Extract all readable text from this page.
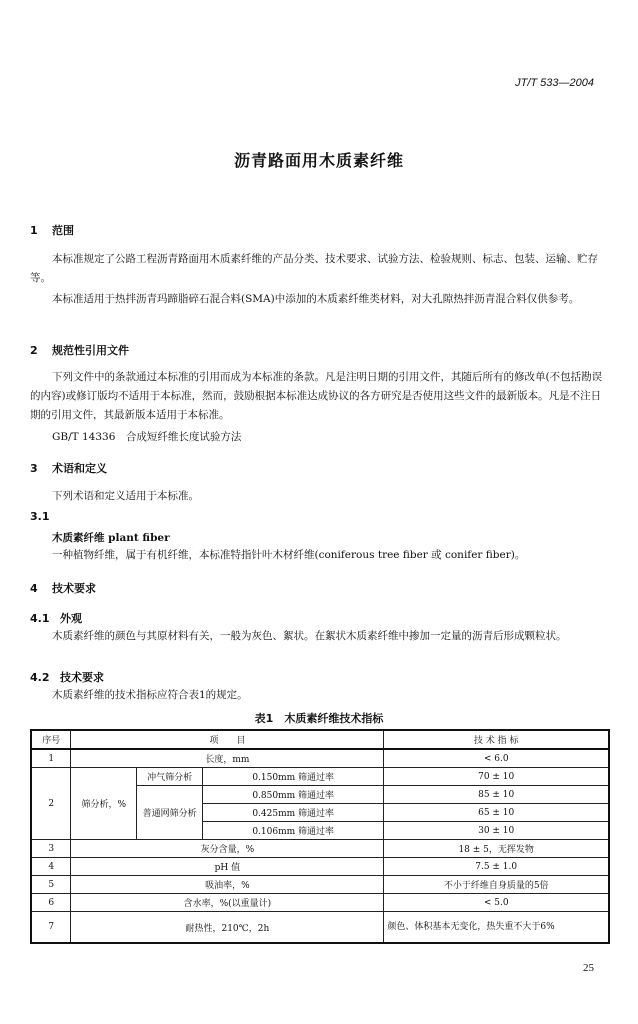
JT/T 533—2004
沥青路面用木质素纤维
1 范围
本标准规定了公路工程沥青路面用木质素纤维的产品分类、技术要求、试验方法、检验规则、标志、包装、运输、贮存等。
本标准适用于热拌沥青玛蹄脂碎石混合料(SMA)中添加的木质素纤维类材料，对大孔隙热拌沥青混合料仅供参考。
2 规范性引用文件
下列文件中的条款通过本标准的引用而成为本标准的条款。凡是注明日期的引用文件，其随后所有的修改单(不包括勘误的内容)或修订版均不适用于本标准，然而，鼓励根据本标准达成协议的各方研究是否使用这些文件的最新版本。凡是不注日期的引用文件，其最新版本适用于本标准。
GB/T 14336　合成短纤维长度试验方法
3 术语和定义
下列术语和定义适用于本标准。
3.1
木质素纤维 plant fiber
一种植物纤维，属于有机纤维，本标准特指针叶木材纤维(coniferous tree fiber 或 conifer fiber)。
4 技术要求
4.1 外观
木质素纤维的颜色与其原材料有关，一般为灰色、絮状。在絮状木质素纤维中掺加一定量的沥青后形成颗粒状。
4.2 技术要求
木质素纤维的技术指标应符合表1的规定。
表1　木质素纤维技术指标
序号	项　　目			技 术 指 标
1	长度，mm			< 6.0
2	筛分析，%	冲气筛分析	0.150mm 筛通过率	70 ± 10
		普通网筛分析	0.850mm 筛通过率	85 ± 10
			0.425mm 筛通过率	65 ± 10
			0.106mm 筛通过率	30 ± 10
3	灰分含量，%			18 ± 5，无挥发物
4	pH 值			7.5 ± 1.0
5	吸油率，%			不小于纤维自身质量的5倍
6	含水率，%(以重量计)			< 5.0
7	耐热性，210℃，2h			颜色、体积基本无变化，热失重不大于6%
25
